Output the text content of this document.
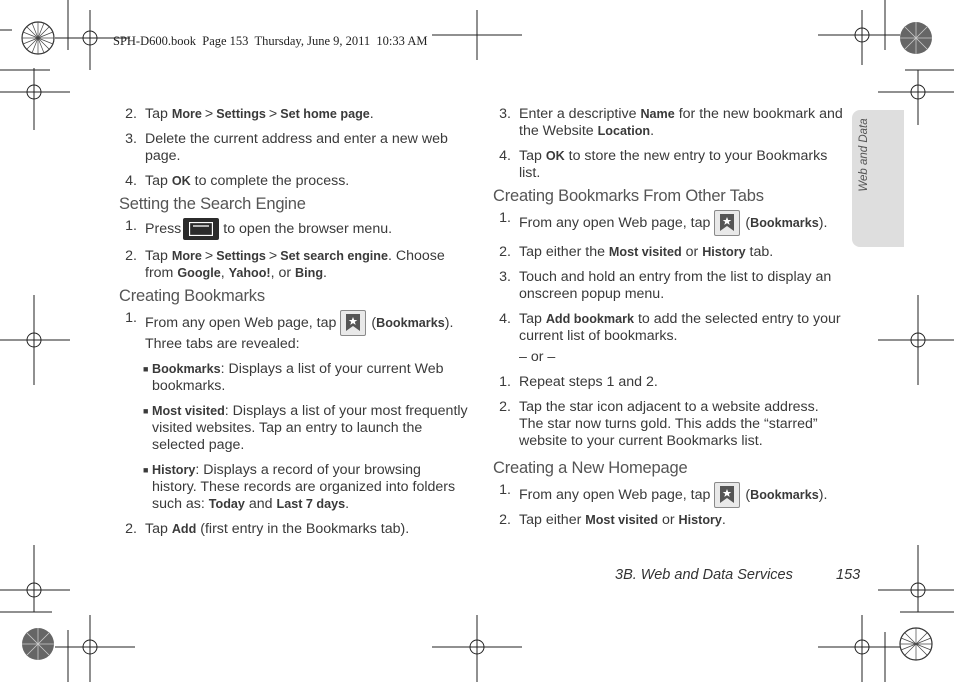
SPH-D600.book  Page 153  Thursday, June 9, 2011  10:33 AM
Web and Data
2. Tap More > Settings > Set home page.
3. Delete the current address and enter a new web page.
4. Tap OK to complete the process.
Setting the Search Engine
1. Press	to open the browser menu.
2. Tap More > Settings > Set search engine. Choose from Google, Yahoo!, or Bing.
Creating Bookmarks
1. From any open Web page, tap (Bookmarks).
Three tabs are revealed:
■ Bookmarks: Displays a list of your current Web bookmarks.
■ Most visited: Displays a list of your most frequently visited websites. Tap an entry to launch the selected page.
■ History: Displays a record of your browsing history. These records are organized into folders such as: Today and Last 7 days.
2. Tap Add (first entry in the Bookmarks tab).
3. Enter a descriptive Name for the new bookmark and the Website Location.
4. Tap OK to store the new entry to your Bookmarks list.
Creating Bookmarks From Other Tabs
1. From any open Web page, tap (Bookmarks).
2. Tap either the Most visited or History tab.
3. Touch and hold an entry from the list to display an onscreen popup menu.
4. Tap Add bookmark to add the selected entry to your current list of bookmarks.
– or –
1. Repeat steps 1 and 2.
2. Tap the star icon adjacent to a website address. The star now turns gold. This adds the “starred” website to your current Bookmarks list.
Creating a New Homepage
1. From any open Web page, tap (Bookmarks).
2. Tap either Most visited or History.
3B. Web and Data Services	153
